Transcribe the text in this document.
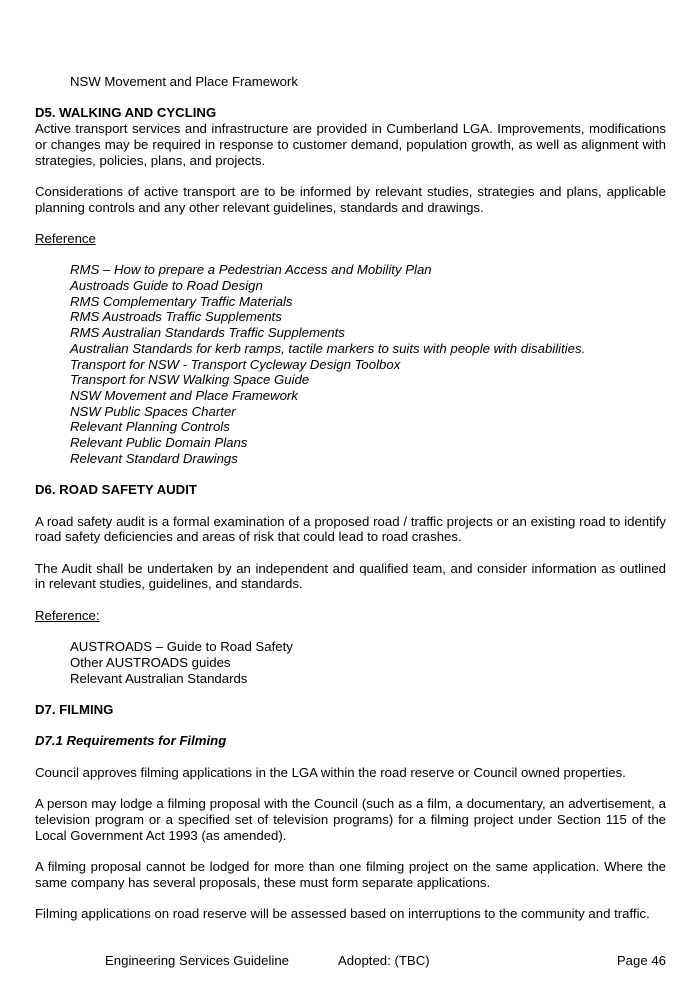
NSW Movement and Place Framework

D5. WALKING AND CYCLING

Active transport services and infrastructure are provided in Cumberland LGA. Improvements, modifications or changes may be required in response to customer demand, population growth, as well as alignment with strategies, policies, plans, and projects.

Considerations of active transport are to be informed by relevant studies, strategies and plans, applicable planning controls and any other relevant guidelines, standards and drawings.

Reference

RMS – How to prepare a Pedestrian Access and Mobility Plan

Austroads Guide to Road Design

RMS Complementary Traffic Materials

RMS Austroads Traffic Supplements

RMS Australian Standards Traffic Supplements

Australian Standards for kerb ramps, tactile markers to suits with people with disabilities.

Transport for NSW - Transport Cycleway Design Toolbox

Transport for NSW Walking Space Guide

NSW Movement and Place Framework

NSW Public Spaces Charter

Relevant Planning Controls

Relevant Public Domain Plans

Relevant Standard Drawings

D6. ROAD SAFETY AUDIT

A road safety audit is a formal examination of a proposed road / traffic projects or an existing road to identify road safety deficiencies and areas of risk that could lead to road crashes.

The Audit shall be undertaken by an independent and qualified team, and consider information as outlined in relevant studies, guidelines, and standards.

Reference:

AUSTROADS – Guide to Road Safety

Other AUSTROADS guides

Relevant Australian Standards

D7. FILMING

D7.1 Requirements for Filming

Council approves filming applications in the LGA within the road reserve or Council owned properties.

A person may lodge a filming proposal with the Council (such as a film, a documentary, an advertisement, a television program or a specified set of television programs) for a filming project under Section 115 of the Local Government Act 1993 (as amended).

A filming proposal cannot be lodged for more than one filming project on the same application. Where the same company has several proposals, these must form separate applications.

Filming applications on road reserve will be assessed based on interruptions to the community and traffic.

Engineering Services Guideline	Adopted: (TBC)	Page 46
